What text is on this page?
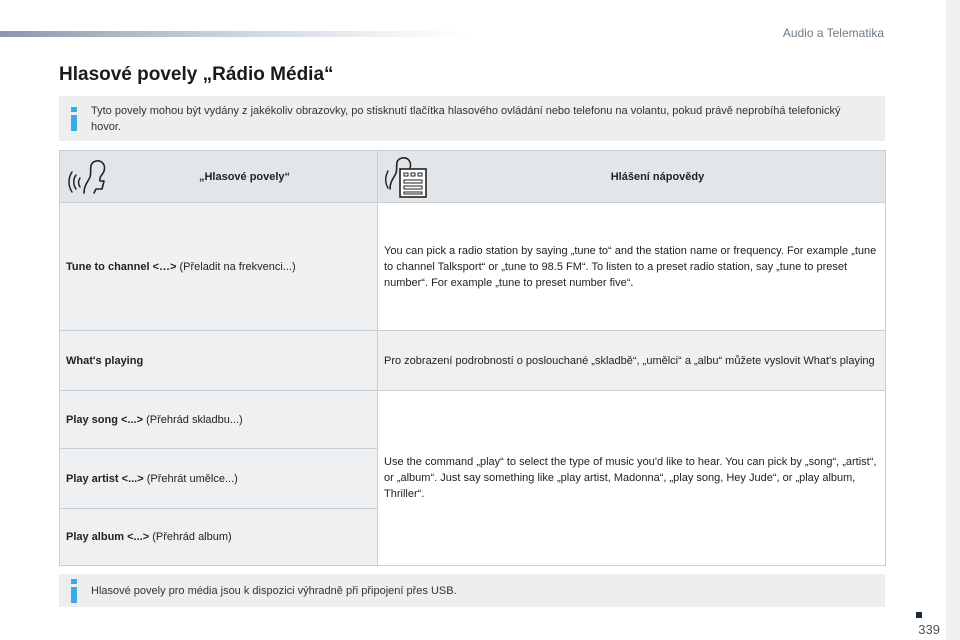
Audio a Telematika
Hlasové povely „Rádio Média“

Tyto povely mohou být vydány z jakékoliv obrazovky, po stisknutí tlačítka hlasového ovládání nebo telefonu na volantu, pokud právě neprobíhá telefonický hovor.

„Hlasové povely“	Hlášení nápovědy

Tune to channel <…> (Přeladit na frekvenci...)	You can pick a radio station by saying „tune to“ and the station name or frequency. For example „tune to channel Talksport“ or „tune to 98.5 FM“. To listen to a preset radio station, say „tune to preset number“. For example „tune to preset number five“.
What's playing	Pro zobrazení podrobností o poslouchané „skladbě“, „umělci“ a „albu“ můžete vyslovit What's playing
Play song <...> (Přehrád skladbu...)	Use the command „play“ to select the type of music you'd like to hear. You can pick by „song“, „artist“, or „album“. Just say something like „play artist, Madonna“, „play song, Hey Jude“, or „play album, Thriller“.
Play artist <...> (Přehrát umělce...)	
Play album <...> (Přehrád album)	

Hlasové povely pro média jsou k dispozici výhradně při připojení přes USB.

339
